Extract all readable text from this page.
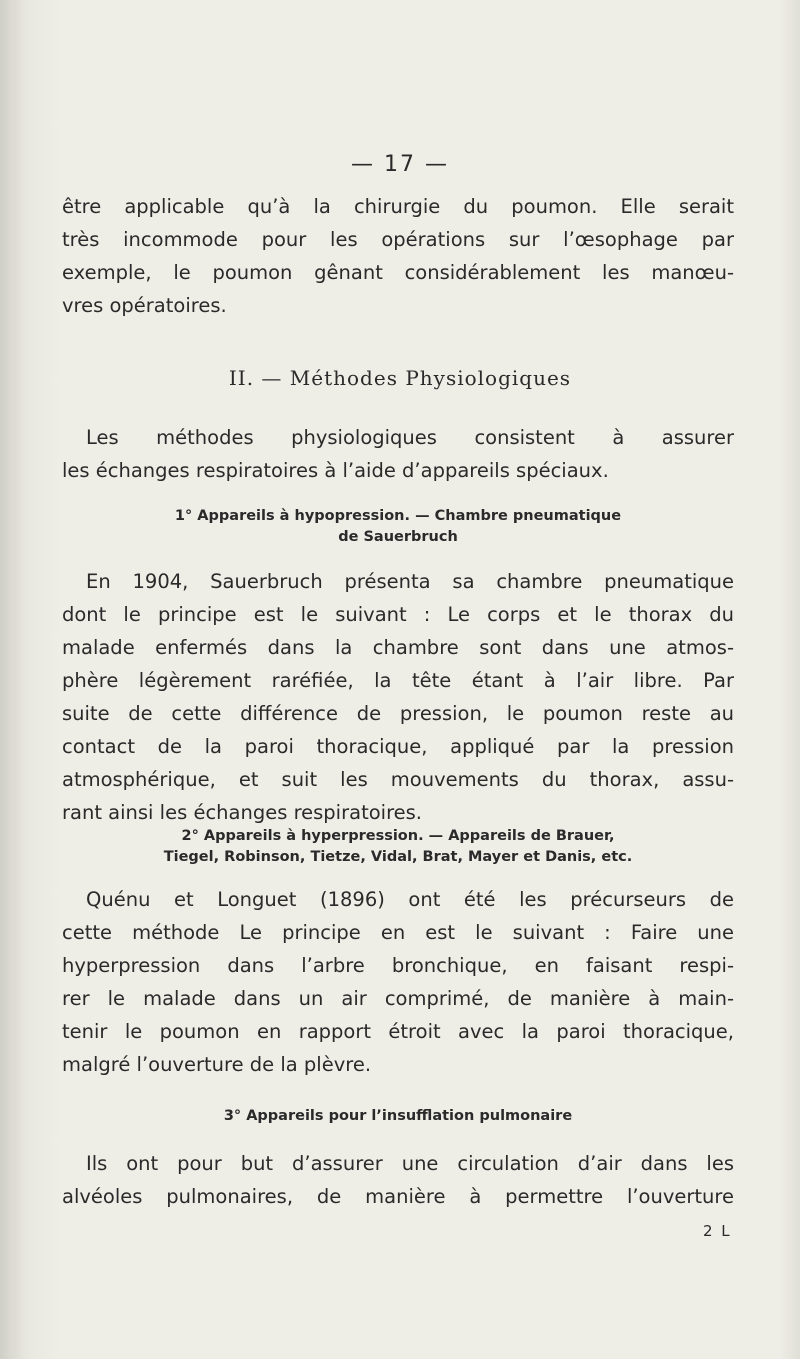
— 17 —

être applicable qu’à la chirurgie du poumon. Elle serait
très incommode pour les opérations sur l’œsophage par
exemple, le poumon gênant considérablement les manœu-
vres opératoires.

II. — Méthodes Physiologiques

Les méthodes physiologiques consistent à assurer
les échanges respiratoires à l’aide d’appareils spéciaux.

1° Appareils à hypopression. — Chambre pneumatique
de Sauerbruch

En 1904, Sauerbruch présenta sa chambre pneumatique
dont le principe est le suivant : Le corps et le thorax du
malade enfermés dans la chambre sont dans une atmos-
phère légèrement raréfiée, la tête étant à l’air libre. Par
suite de cette différence de pression, le poumon reste au
contact de la paroi thoracique, appliqué par la pression
atmosphérique, et suit les mouvements du thorax, assu-
rant ainsi les échanges respiratoires.

2° Appareils à hyperpression. — Appareils de Brauer,
Tiegel, Robinson, Tietze, Vidal, Brat, Mayer et Danis, etc.

Quénu et Longuet (1896) ont été les précurseurs de
cette méthode Le principe en est le suivant : Faire une
hyperpression dans l’arbre bronchique, en faisant respi-
rer le malade dans un air comprimé, de manière à main-
tenir le poumon en rapport étroit avec la paroi thoracique,
malgré l’ouverture de la plèvre.

3° Appareils pour l’insufflation pulmonaire

Ils ont pour but d’assurer une circulation d’air dans les
alvéoles pulmonaires, de manière à permettre l’ouverture

2 L
